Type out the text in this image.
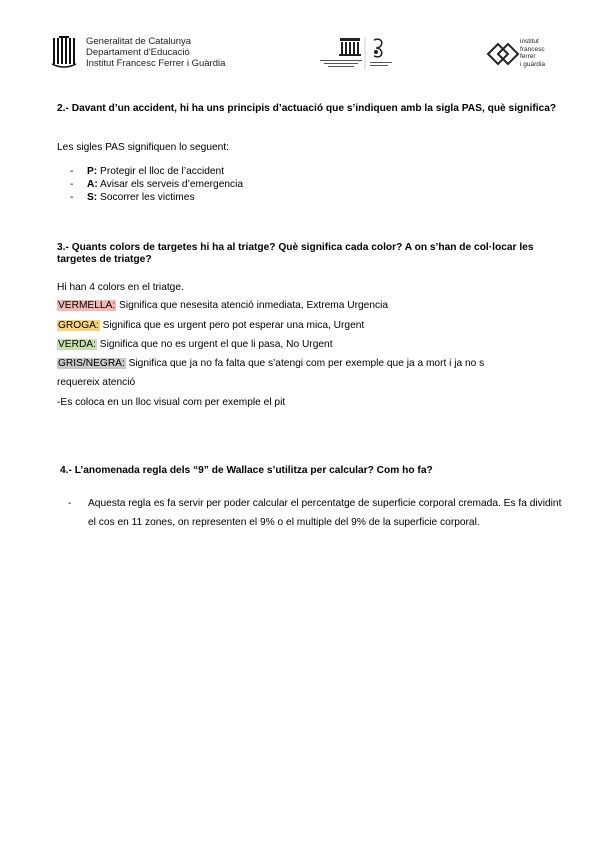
Generalitat de Catalunya
Departament d'Educació
Institut Francesc Ferrer i Guàrdia
institut
francesc
ferrer
i guàrdia
2.- Davant d’un accident, hi ha uns principis d’actuació que s’indiquen amb la sigla PAS, què significa?
Les sigles PAS signifiquen lo seguent:
- P: Protegir el lloc de l’accident
- A: Avisar els serveis d’emergencia
- S: Socorrer les victimes
3.- Quants colors de targetes hi ha al triatge? Què significa cada color? A on s’han de col·locar les targetes de triatge?
Hi han 4 colors en el triatge.
VERMELLA: Significa que nesesita atenció inmediata, Extrema Urgencia
GROGA: Significa que es urgent pero pot esperar una mica, Urgent
VERDA: Significa que no es urgent el que li pasa, No Urgent
GRIS/NEGRA: Significa que ja no fa falta que s’atengi com per exemple que ja a mort i ja no s
requereix atenció
-Es coloca en un lloc visual com per exemple el pit
4.- L’anomenada regla dels “9” de Wallace s’utilitza per calcular? Com ho fa?
- Aquesta regla es fa servir per poder calcular el percentatge de superficie corporal cremada. Es fa dividint el cos en 11 zones, on representen el 9% o el multiple del 9% de la superficie corporal.
